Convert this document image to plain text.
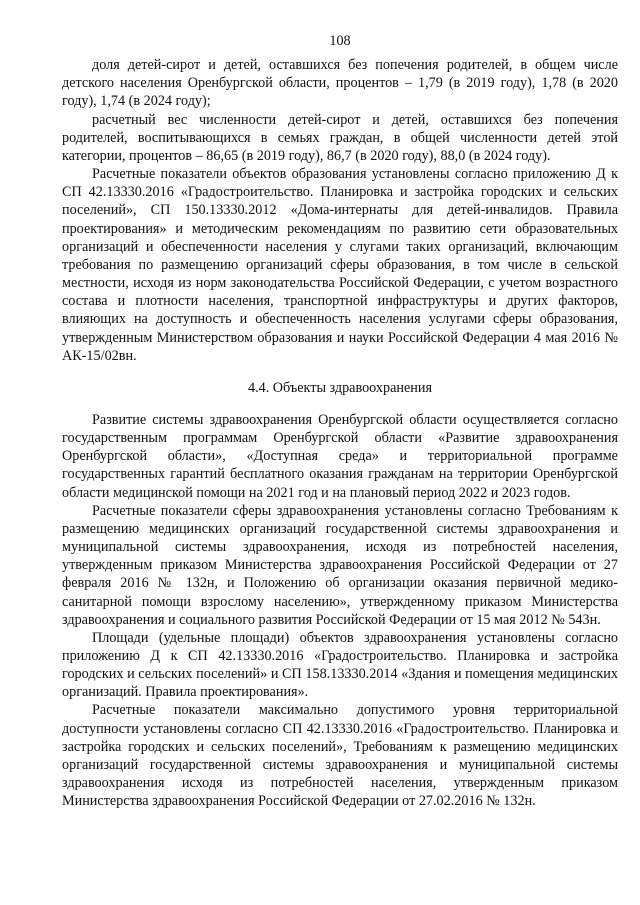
108

доля детей-сирот и детей, оставшихся без попечения родителей, в общем числе детского населения Оренбургской области, процентов – 1,79 (в 2019 году), 1,78 (в 2020 году), 1,74 (в 2024 году);

расчетный вес численности детей-сирот и детей, оставшихся без попечения родителей, воспитывающихся в семьях граждан, в общей численности детей этой категории, процентов – 86,65 (в 2019 году), 86,7 (в 2020 году), 88,0 (в 2024 году).

Расчетные показатели объектов образования установлены согласно приложению Д к СП 42.13330.2016 «Градостроительство. Планировка и застройка городских и сельских поселений», СП 150.13330.2012 «Дома-интернаты для детей-инвалидов. Правила проектирования» и методическим рекомендациям по развитию сети образовательных организаций и обеспеченности населения у слугами таких организаций, включающим требования по размещению организаций сферы образования, в том числе в сельской местности, исходя из норм законодательства Российской Федерации, с учетом возрастного состава и плотности населения, транспортной инфраструктуры и других факторов, влияющих на доступность и обеспеченность населения услугами сферы образования, утвержденным Министерством образования и науки Российской Федерации 4 мая 2016 № АК-15/02вн.

4.4. Объекты здравоохранения

Развитие системы здравоохранения Оренбургской области осуществляется согласно государственным программам Оренбургской области «Развитие здравоохранения Оренбургской области», «Доступная среда» и территориальной программе государственных гарантий бесплатного оказания гражданам на территории Оренбургской области медицинской помощи на 2021 год и на плановый период 2022 и 2023 годов.

Расчетные показатели сферы здравоохранения установлены согласно Требованиям к размещению медицинских организаций государственной системы здравоохранения и муниципальной системы здравоохранения, исходя из потребностей населения, утвержденным приказом Министерства здравоохранения Российской Федерации от 27 февраля 2016 № 132н, и Положению об организации оказания первичной медико-санитарной помощи взрослому населению», утвержденному приказом Министерства здравоохранения и социального развития Российской Федерации от 15 мая 2012 № 543н.

Площади (удельные площади) объектов здравоохранения установлены согласно приложению Д к СП 42.13330.2016 «Градостроительство. Планировка и застройка городских и сельских поселений» и СП 158.13330.2014 «Здания и помещения медицинских организаций. Правила проектирования».

Расчетные показатели максимально допустимого уровня территориальной доступности установлены согласно СП 42.13330.2016 «Градостроительство. Планировка и застройка городских и сельских поселений», Требованиям к размещению медицинских организаций государственной системы здравоохранения и муниципальной системы здравоохранения исходя из потребностей населения, утвержденным приказом Министерства здравоохранения Российской Федерации от 27.02.2016 № 132н.
